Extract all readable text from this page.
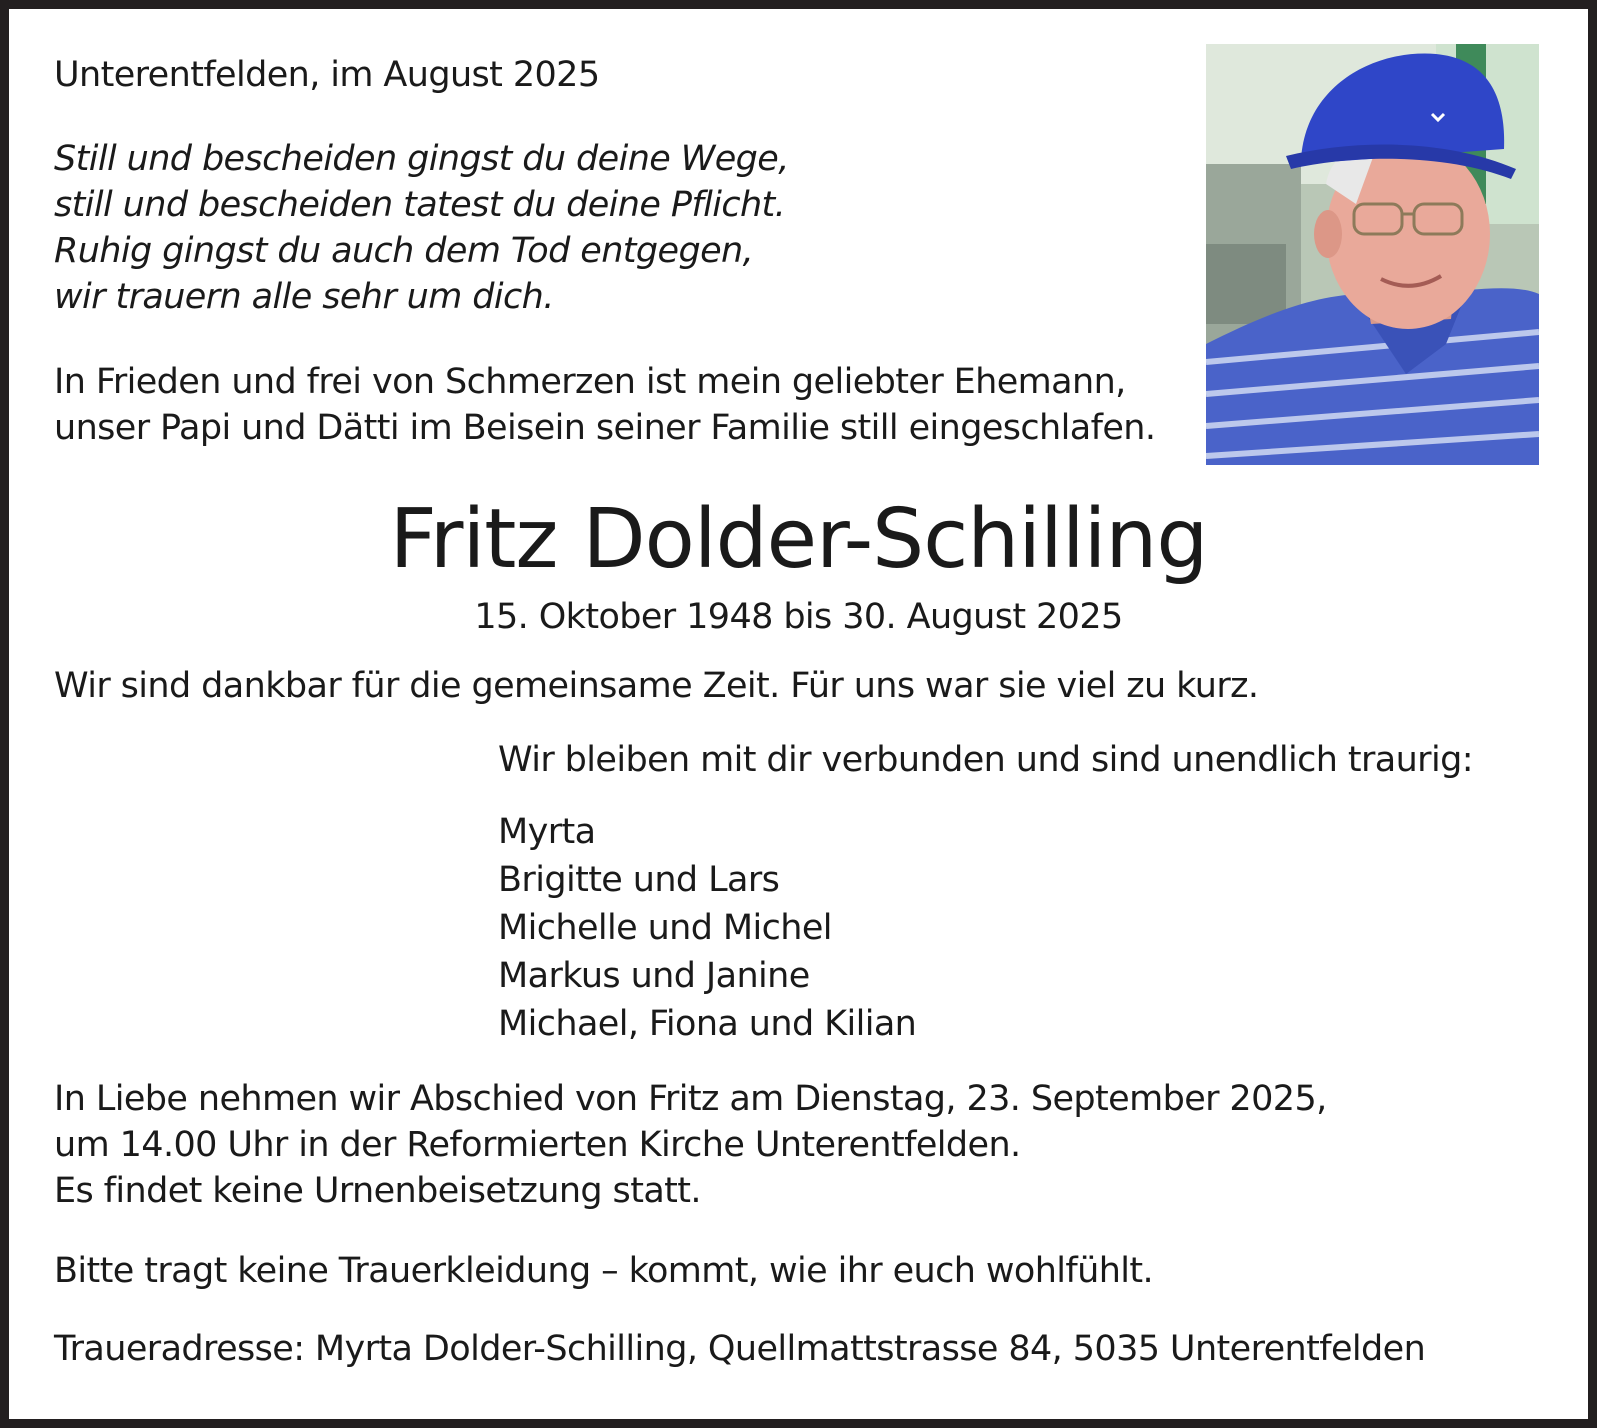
Unterentfelden, im August 2025

Still und bescheiden gingst du deine Wege,
still und bescheiden tatest du deine Pflicht.
Ruhig gingst du auch dem Tod entgegen,
wir trauern alle sehr um dich.
In Frieden und frei von Schmerzen ist mein geliebter Ehemann,
unser Papi und Dätti im Beisein seiner Familie still eingeschlafen.
Fritz Dolder-Schilling

15. Oktober 1948 bis 30. August 2025

Wir sind dankbar für die gemeinsame Zeit. Für uns war sie viel zu kurz.

Wir bleiben mit dir verbunden und sind unendlich traurig:

Myrta
Brigitte und Lars
Michelle und Michel
Markus und Janine
Michael, Fiona und Kilian
In Liebe nehmen wir Abschied von Fritz am Dienstag, 23. September 2025,
um 14.00 Uhr in der Reformierten Kirche Unterentfelden.
Es findet keine Urnenbeisetzung statt.

Bitte tragt keine Trauerkleidung – kommt, wie ihr euch wohlfühlt.

Traueradresse: Myrta Dolder-Schilling, Quellmattstrasse 84, 5035 Unterentfelden
